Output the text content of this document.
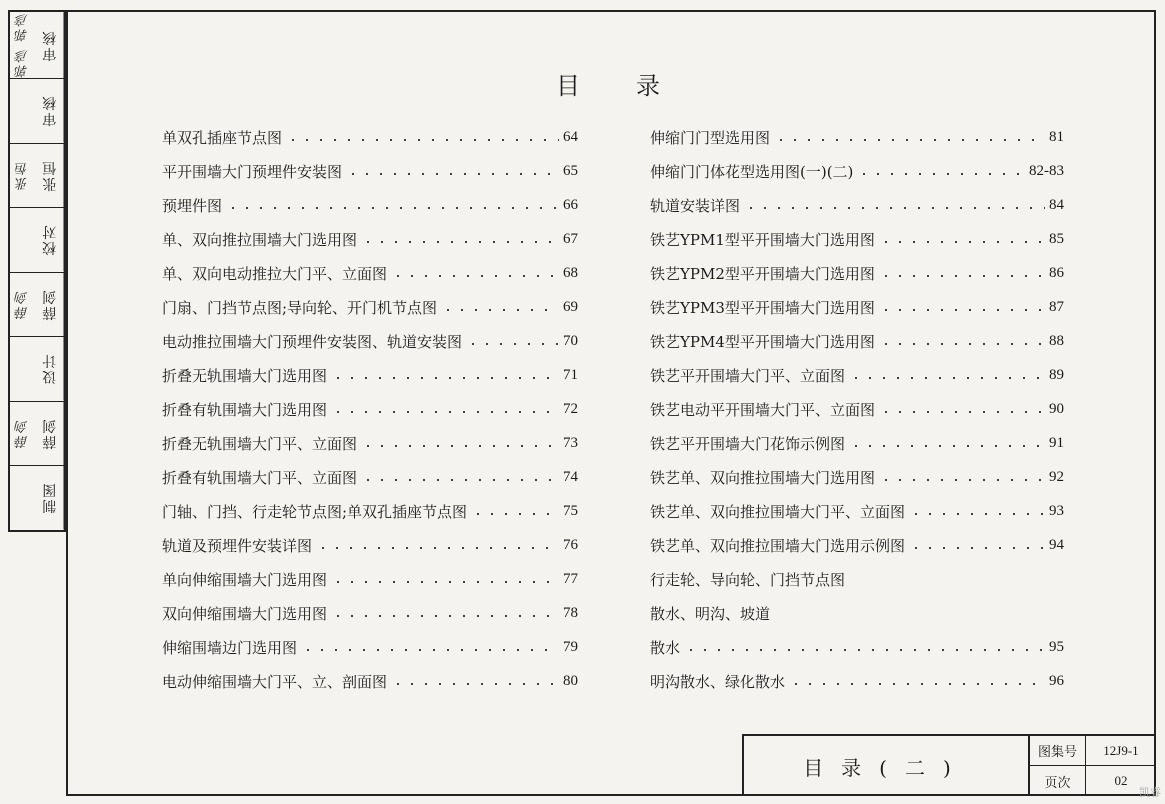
郭彦 郭彦 审核
审核
张恒 张恒
校对
薛剑 薛剑
设计
薛剑 薛剑
制图
目录
单双孔插座节点图	64
平开围墙大门预埋件安装图	65
预埋件图	66
单、双向推拉围墙大门选用图	67
单、双向电动推拉大门平、立面图	68
门扇、门挡节点图;导向轮、开门机节点图	69
电动推拉围墙大门预埋件安装图、轨道安装图	70
折叠无轨围墙大门选用图	71
折叠有轨围墙大门选用图	72
折叠无轨围墙大门平、立面图	73
折叠有轨围墙大门平、立面图	74
门轴、门挡、行走轮节点图;单双孔插座节点图	75
轨道及预埋件安装详图	76
单向伸缩围墙大门选用图	77
双向伸缩围墙大门选用图	78
伸缩围墙边门选用图	79
电动伸缩围墙大门平、立、剖面图	80
伸缩门门型选用图	81
伸缩门门体花型选用图(一)(二)	82-83
轨道安装详图	84
铁艺YPM1型平开围墙大门选用图	85
铁艺YPM2型平开围墙大门选用图	86
铁艺YPM3型平开围墙大门选用图	87
铁艺YPM4型平开围墙大门选用图	88
铁艺平开围墙大门平、立面图	89
铁艺电动平开围墙大门平、立面图	90
铁艺平开围墙大门花饰示例图	91
铁艺单、双向推拉围墙大门选用图	92
铁艺单、双向推拉围墙大门平、立面图	93
铁艺单、双向推拉围墙大门选用示例图	94
行走轮、导向轮、门挡节点图
散水、明沟、坡道
散水	95
明沟散水、绿化散水	96
目录(二)
图集号	12J9-1
页次	02
凯睿
